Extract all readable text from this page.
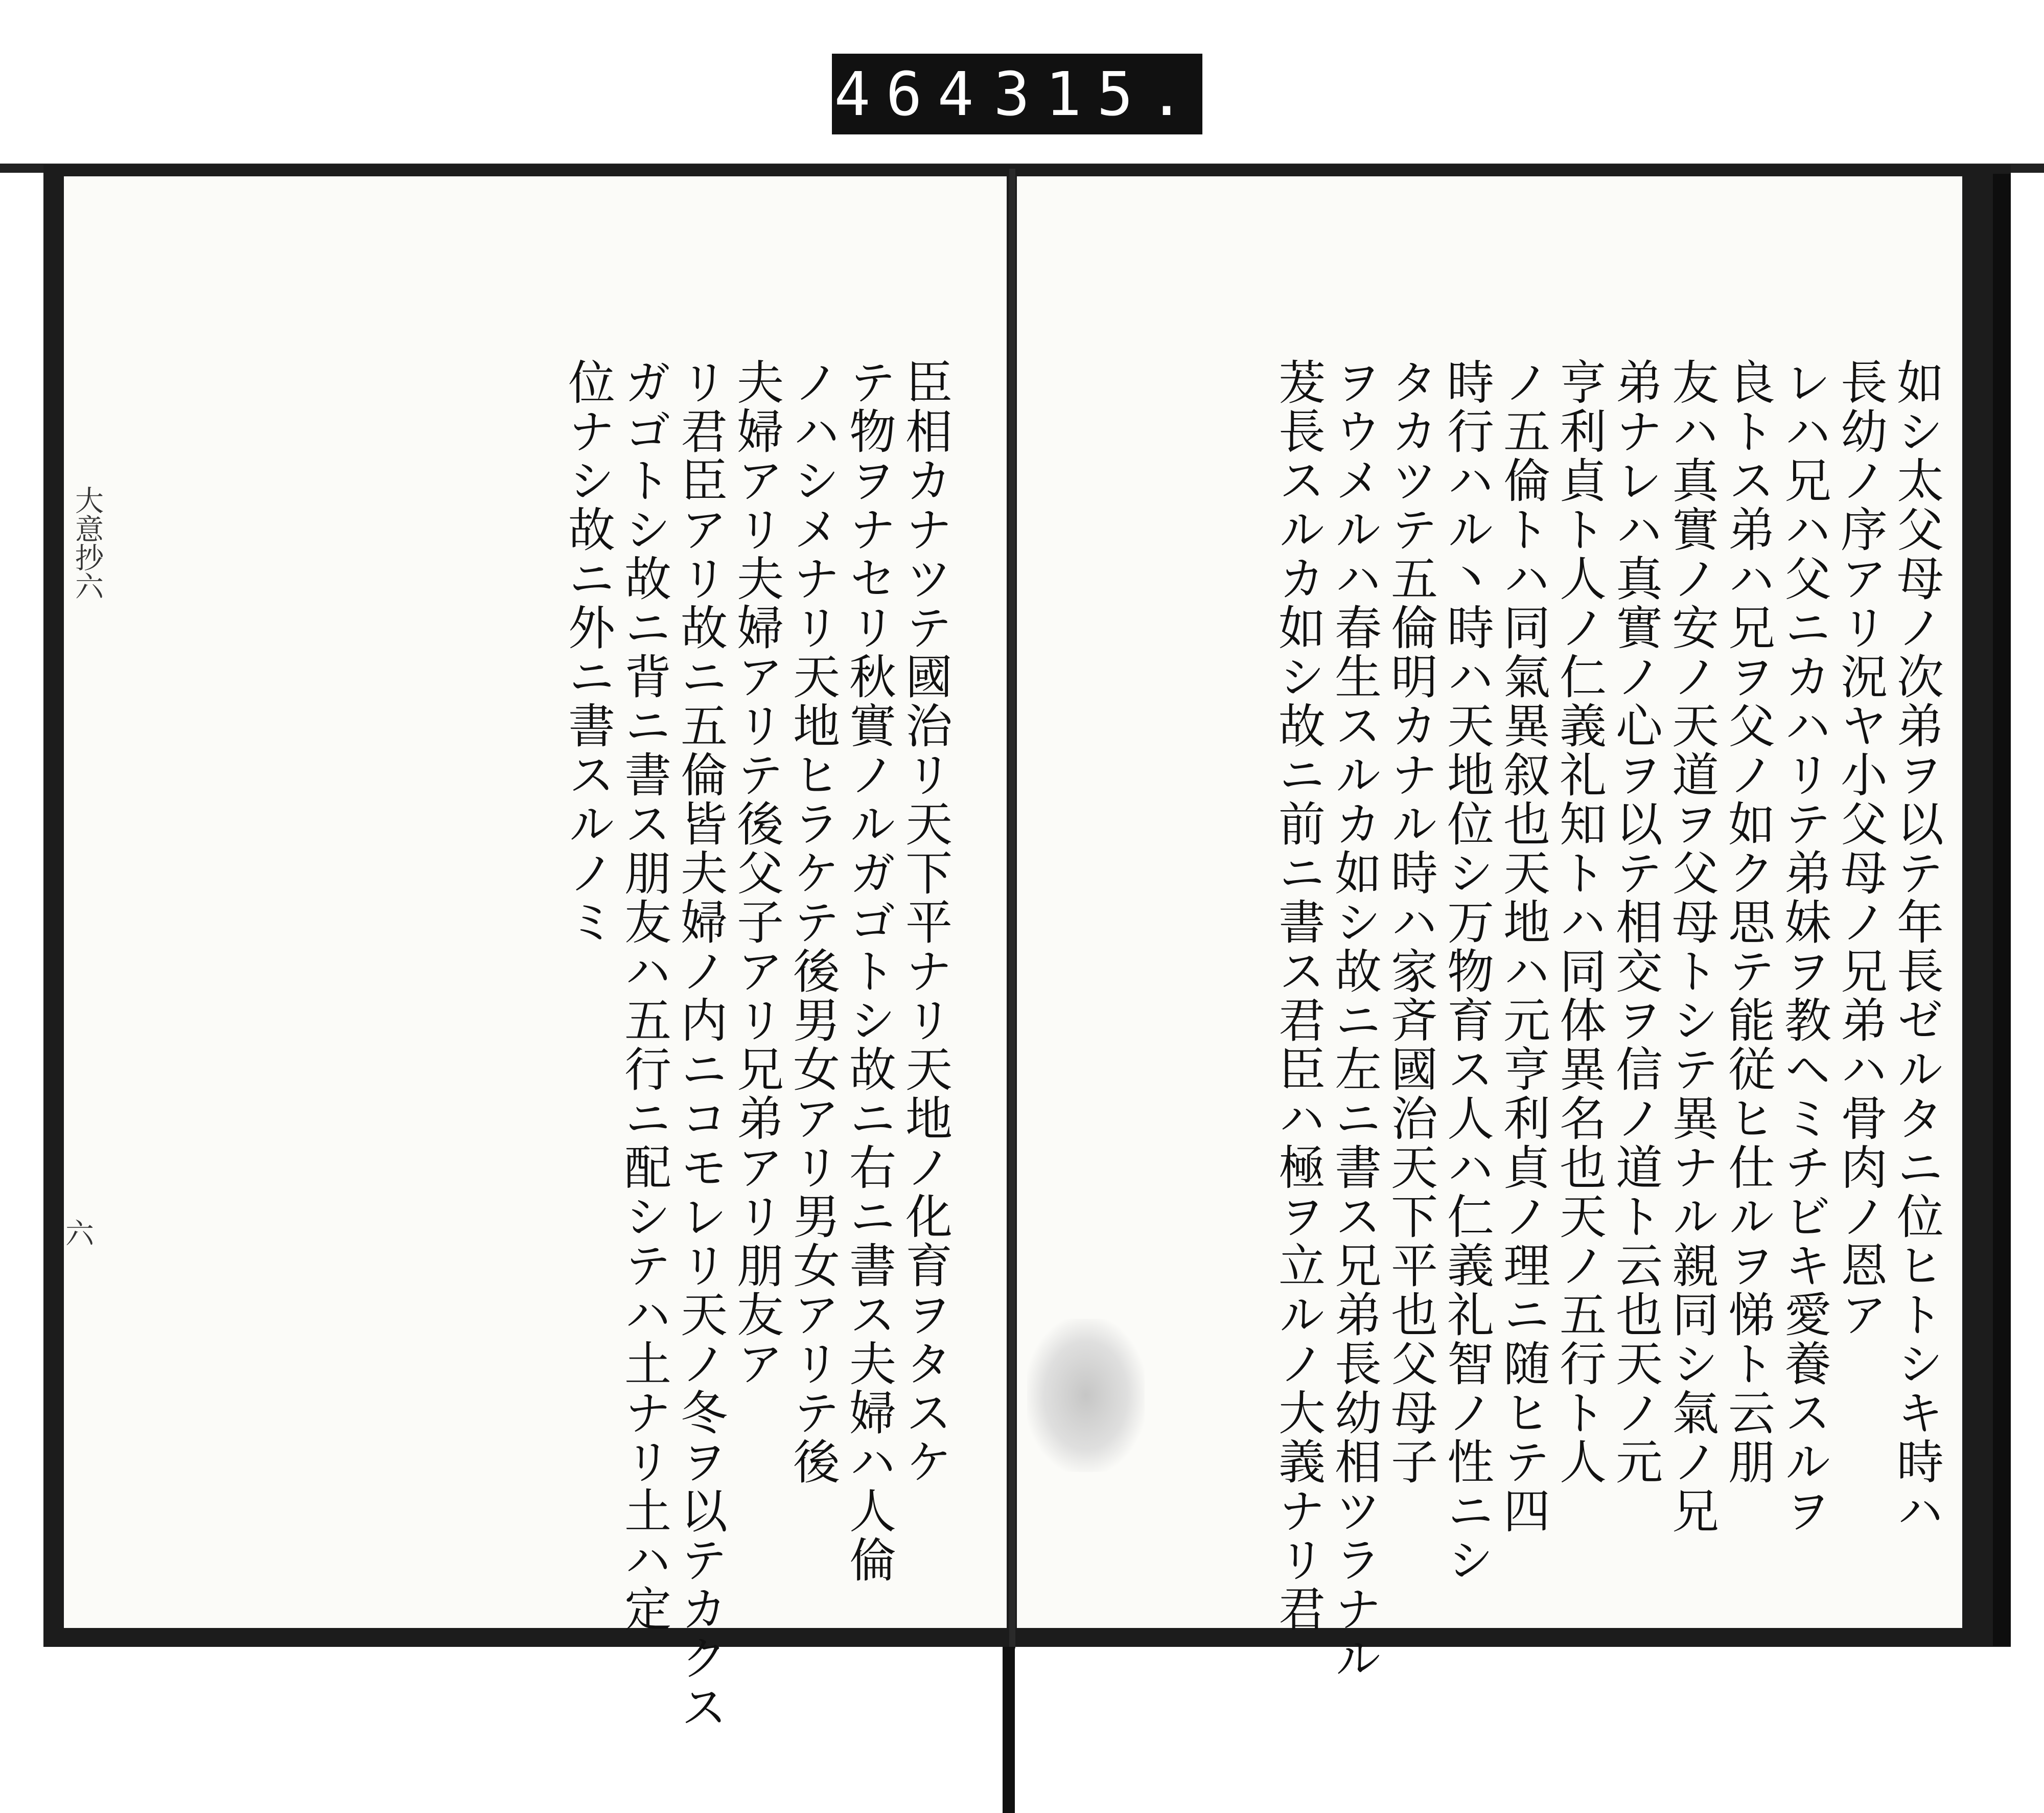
464 315.
如シ太父母ノ次弟ヲ以テ年長ゼルタニ位ヒトシキ時ハ
長幼ノ序アリ況ヤ小父母ノ兄弟ハ骨肉ノ恩ア
レハ兄ハ父ニカハリテ弟妹ヲ教ヘミチビキ愛養スルヲ
良トス弟ハ兄ヲ父ノ如ク思テ能従ヒ仕ルヲ悌ト云朋
友ハ真實ノ安ノ天道ヲ父母トシテ異ナル親同シ氣ノ兄
弟ナレハ真實ノ心ヲ以テ相交ヲ信ノ道ト云也天ノ元
亨利貞ト人ノ仁義礼知トハ同体異名也天ノ五行ト人
ノ五倫トハ同氣異叙也天地ハ元亨利貞ノ理ニ随ヒテ四
時行ハル丶時ハ天地位シ万物育ス人ハ仁義礼智ノ性ニシ
タカツテ五倫明カナル時ハ家斉國治天下平也父母子
ヲウメルハ春生スルカ如シ故ニ左ニ書ス兄弟長幼相ツラナル
茇長スルカ如シ故ニ前ニ書ス君臣ハ極ヲ立ルノ大義ナリ君
臣相カナツテ國治リ天下平ナリ天地ノ化育ヲタスケ
テ物ヲナセリ秋實ノルガゴトシ故ニ右ニ書ス夫婦ハ人倫
ノハシメナリ天地ヒラケテ後男女アリ男女アリテ後
夫婦アリ夫婦アリテ後父子アリ兄弟アリ朋友ア
リ君臣アリ故ニ五倫皆夫婦ノ内ニコモレリ天ノ冬ヲ以テカクス
ガゴトシ故ニ背ニ書ス朋友ハ五行ニ配シテハ土ナリ土ハ定
位ナシ故ニ外ニ書スルノミ
大意抄六
六
